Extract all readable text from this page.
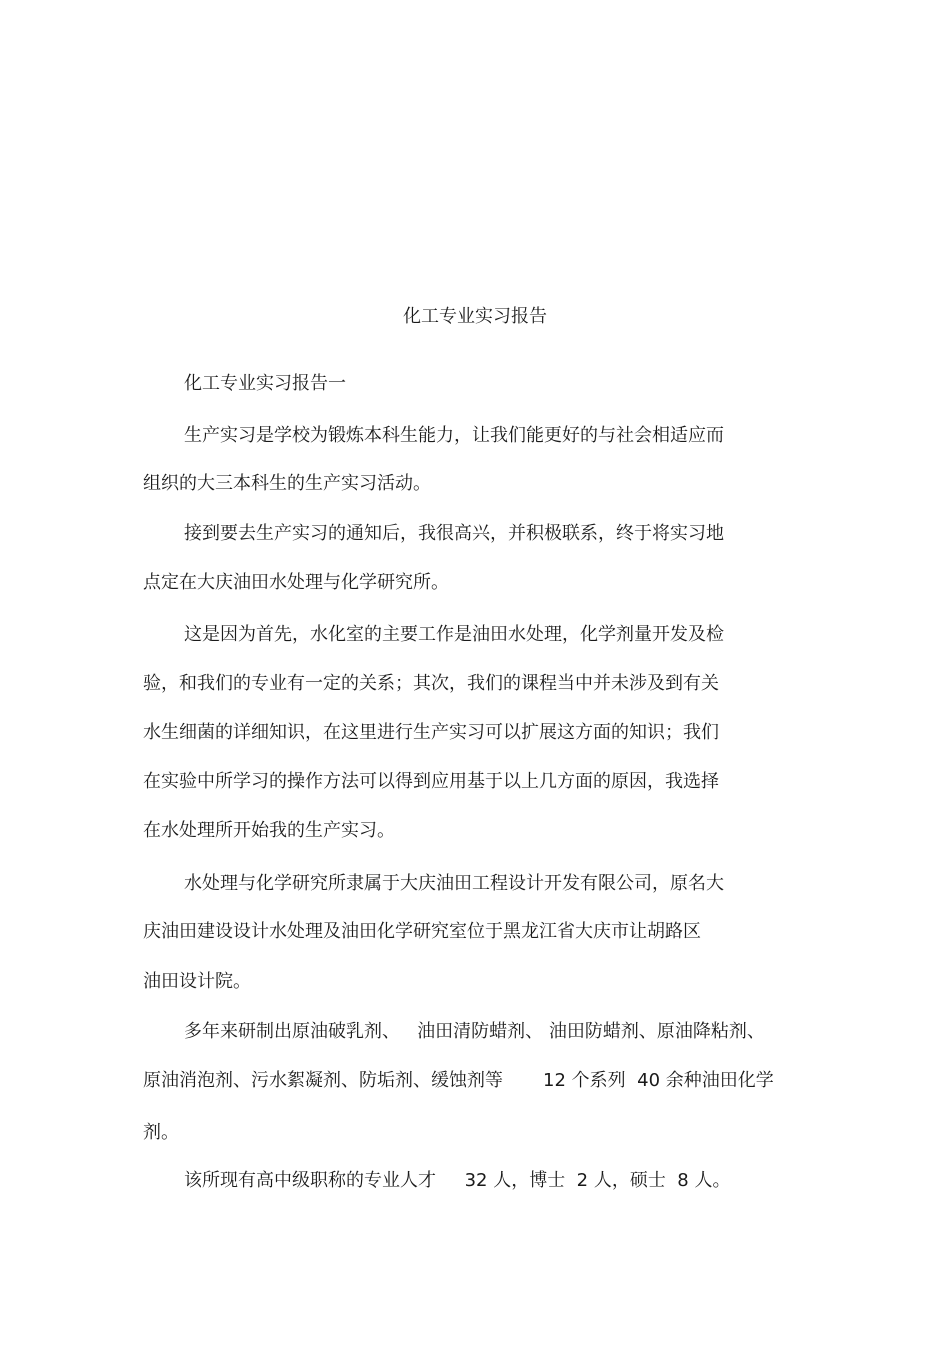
化工专业实习报告

化工专业实习报告一

生产实习是学校为锻炼本科生能力，让我们能更好的与社会相适应而

组织的大三本科生的生产实习活动。

接到要去生产实习的通知后，我很高兴，并积极联系，终于将实习地

点定在大庆油田水处理与化学研究所。

这是因为首先，水化室的主要工作是油田水处理，化学剂量开发及检

验，和我们的专业有一定的关系；其次，我们的课程当中并未涉及到有关

水生细菌的详细知识，在这里进行生产实习可以扩展这方面的知识；我们

在实验中所学习的操作方法可以得到应用基于以上几方面的原因，我选择

在水处理所开始我的生产实习。

水处理与化学研究所隶属于大庆油田工程设计开发有限公司，原名大

庆油田建设设计水处理及油田化学研究室位于黑龙江省大庆市让胡路区

油田设计院。

多年来研制出原油破乳剂、   油田清防蜡剂、 油田防蜡剂、原油降粘剂、

原油消泡剂、污水絮凝剂、防垢剂、缓蚀剂等       12 个系列  40 余种油田化学

剂。

该所现有高中级职称的专业人才     32 人，博士  2 人，硕士  8 人。
